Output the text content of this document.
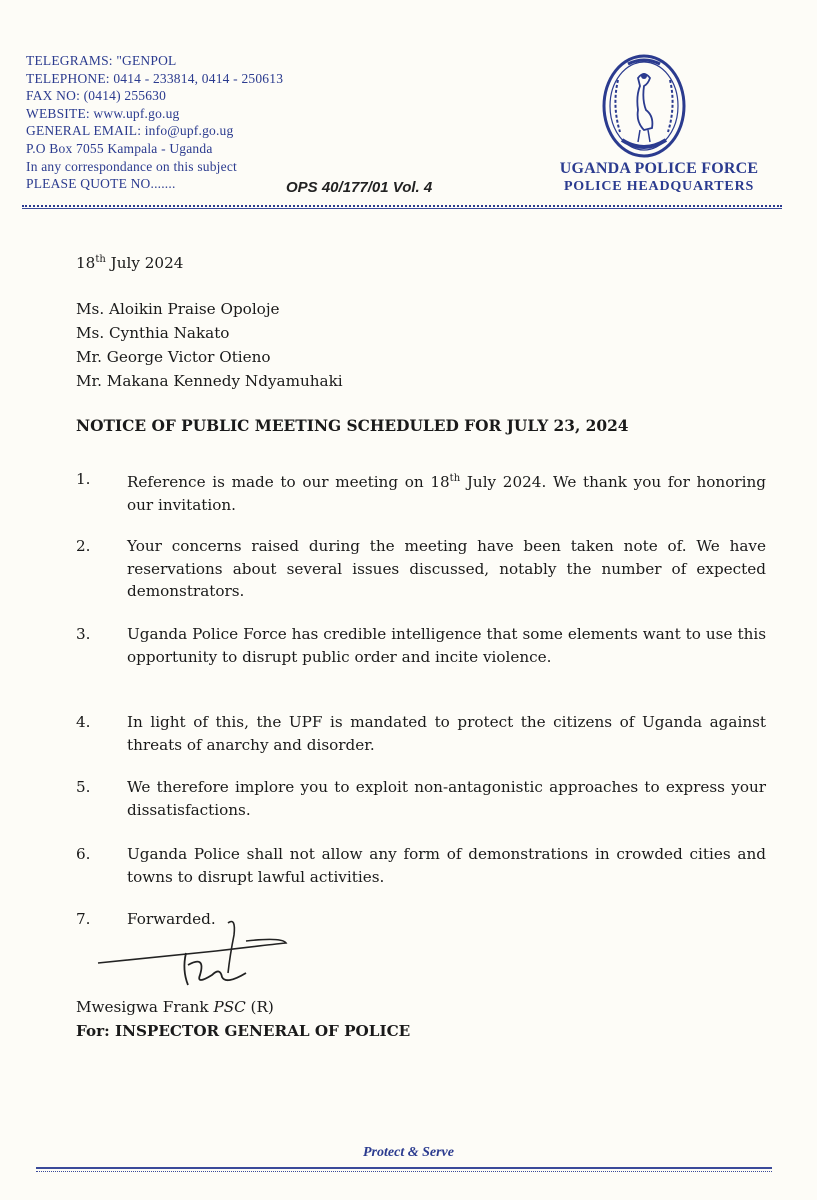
TELEGRAMS: "GENPOL
TELEPHONE: 0414 - 233814, 0414 - 250613
FAX NO: (0414) 255630
WEBSITE: www.upf.go.ug
GENERAL EMAIL: info@upf.go.ug
P.O Box 7055 Kampala - Uganda
In any correspondance on this subject
PLEASE QUOTE NO.......	OPS 40/177/01 Vol. 4
UGANDA POLICE FORCE
POLICE HEADQUARTERS
18th July 2024
Ms. Aloikin Praise Opoloje
Ms. Cynthia Nakato
Mr. George Victor Otieno
Mr. Makana Kennedy Ndyamuhaki
NOTICE OF PUBLIC MEETING SCHEDULED FOR JULY 23, 2024
1.	Reference is made to our meeting on 18th July 2024. We thank you for honoring our invitation.
2.	Your concerns raised during the meeting have been taken note of. We have reservations about several issues discussed, notably the number of expected demonstrators.
3.	Uganda Police Force has credible intelligence that some elements want to use this opportunity to disrupt public order and incite violence.
4.	In light of this, the UPF is mandated to protect the citizens of Uganda against threats of anarchy and disorder.
5.	We therefore implore you to exploit non-antagonistic approaches to express your dissatisfactions.
6.	Uganda Police shall not allow any form of demonstrations in crowded cities and towns to disrupt lawful activities.
7.	Forwarded.
Mwesigwa Frank PSC (R)
For: INSPECTOR GENERAL OF POLICE
Protect & Serve
